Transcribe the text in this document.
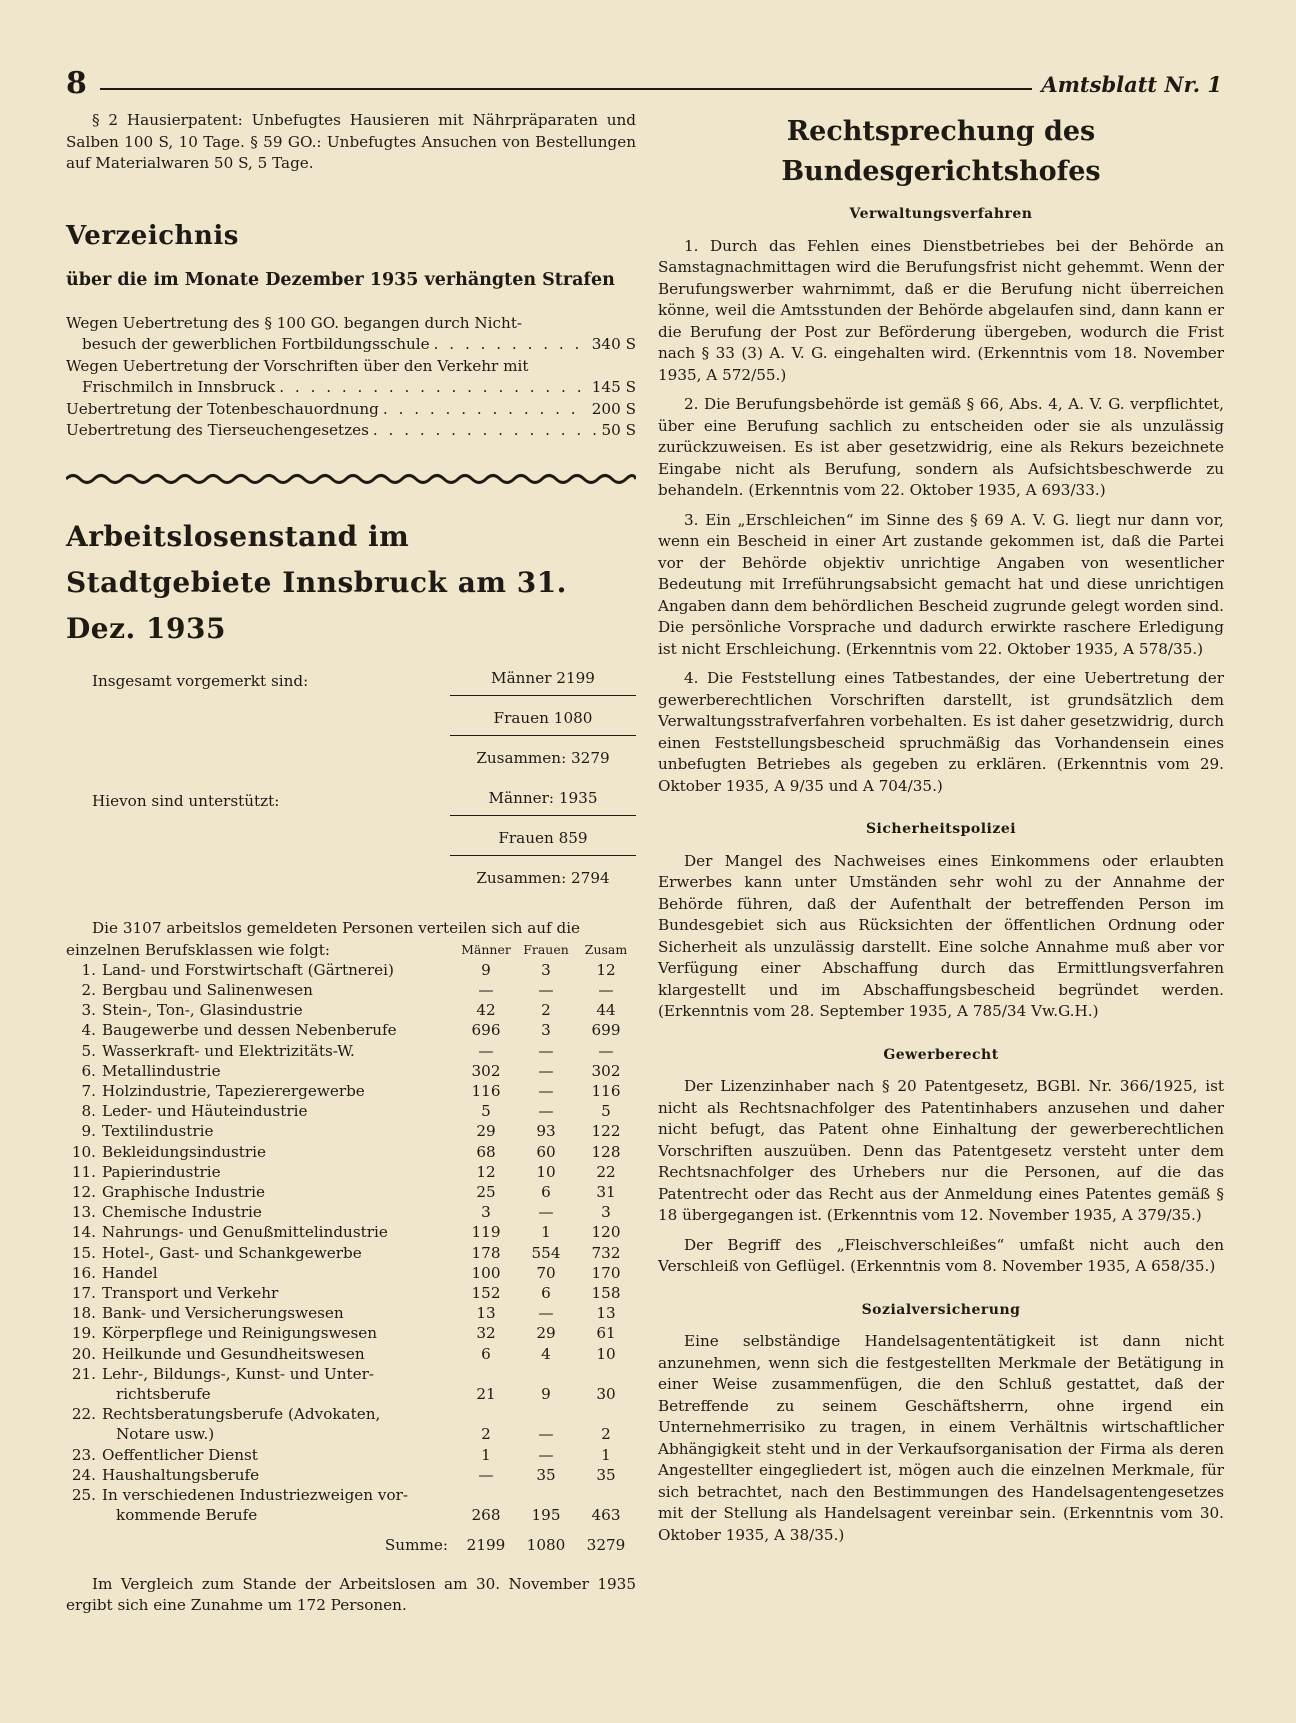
8	Amtsblatt Nr. 1

§ 2 Hausierpatent: Unbefugtes Hausieren mit Nährpräparaten und Salben 100 S, 10 Tage. § 59 GO.: Unbefugtes Ansuchen von Bestellungen auf Materialwaren 50 S, 5 Tage.

Verzeichnis
über die im Monate Dezember 1935 verhängten Strafen
Wegen Uebertretung des § 100 GO. begangen durch Nicht-
besuch der gewerblichen Fortbildungsschule . . .	340 S
Wegen Uebertretung der Vorschriften über den Verkehr mit
Frischmilch in Innsbruck . . .	145 S
Uebertretung der Totenbeschauordnung . . .	200 S
Uebertretung des Tierseuchengesetzes . . .	50 S
Arbeitslosenstand im
Stadtgebiete Innsbruck am 31. Dez. 1935
Insgesamt vorgemerkt sind:	Männer 2199
Frauen 1080
Zusammen: 3279
Hievon sind unterstützt:	Männer: 1935
Frauen 859
Zusammen: 2794

Die 3107 arbeitslos gemeldeten Personen verteilen sich auf die

einzelnen Berufsklassen wie folgt:		Männer	Frauen	Zusam
1.	Land- und Forstwirtschaft (Gärtnerei)	9	3	12
2.	Bergbau und Salinenwesen	—	—	—
3.	Stein-, Ton-, Glasindustrie	42	2	44
4.	Baugewerbe und dessen Nebenberufe	696	3	699
5.	Wasserkraft- und Elektrizitäts-W.	—	—	—
6.	Metallindustrie	302	—	302
7.	Holzindustrie, Tapezierergewerbe	116	—	116
8.	Leder- und Häuteindustrie	5	—	5
9.	Textilindustrie	29	93	122
10.	Bekleidungsindustrie	68	60	128
11.	Papierindustrie	12	10	22
12.	Graphische Industrie	25	6	31
13.	Chemische Industrie	3	—	3
14.	Nahrungs- und Genußmittelindustrie	119	1	120
15.	Hotel-, Gast- und Schankgewerbe	178	554	732
16.	Handel	100	70	170
17.	Transport und Verkehr	152	6	158
18.	Bank- und Versicherungswesen	13	—	13
19.	Körperpflege und Reinigungswesen	32	29	61
20.	Heilkunde und Gesundheitswesen	6	4	10
21.	Lehr-, Bildungs-, Kunst- und Unter-			
	richtsberufe	21	9	30
22.	Rechtsberatungsberufe (Advokaten,			
	Notare usw.)	2	—	2
23.	Oeffentlicher Dienst	1	—	1
24.	Haushaltungsberufe	—	35	35
25.	In verschiedenen Industriezweigen vor-			
	kommende Berufe	268	195	463
	Summe:	2199	1080	3279

Im Vergleich zum Stande der Arbeitslosen am 30. November 1935 ergibt sich eine Zunahme um 172 Personen.

Rechtsprechung des Bundesgerichtshofes
Verwaltungsverfahren

1. Durch das Fehlen eines Dienstbetriebes bei der Behörde an Samstagnachmittagen wird die Berufungsfrist nicht gehemmt. Wenn der Berufungswerber wahrnimmt, daß er die Berufung nicht überreichen könne, weil die Amtsstunden der Behörde abgelaufen sind, dann kann er die Berufung der Post zur Beförderung übergeben, wodurch die Frist nach § 33 (3) A. V. G. eingehalten wird. (Erkenntnis vom 18. November 1935, A 572/55.)

2. Die Berufungsbehörde ist gemäß § 66, Abs. 4, A. V. G. verpflichtet, über eine Berufung sachlich zu entscheiden oder sie als unzulässig zurückzuweisen. Es ist aber gesetzwidrig, eine als Rekurs bezeichnete Eingabe nicht als Berufung, sondern als Aufsichtsbeschwerde zu behandeln. (Erkenntnis vom 22. Oktober 1935, A 693/33.)

3. Ein „Erschleichen“ im Sinne des § 69 A. V. G. liegt nur dann vor, wenn ein Bescheid in einer Art zustande gekommen ist, daß die Partei vor der Behörde objektiv unrichtige Angaben von wesentlicher Bedeutung mit Irreführungsabsicht gemacht hat und diese unrichtigen Angaben dann dem behördlichen Bescheid zugrunde gelegt worden sind. Die persönliche Vorsprache und dadurch erwirkte raschere Erledigung ist nicht Erschleichung. (Erkenntnis vom 22. Oktober 1935, A 578/35.)

4. Die Feststellung eines Tatbestandes, der eine Uebertretung der gewerberechtlichen Vorschriften darstellt, ist grundsätzlich dem Verwaltungsstrafverfahren vorbehalten. Es ist daher gesetzwidrig, durch einen Feststellungsbescheid spruchmäßig das Vorhandensein eines unbefugten Betriebes als gegeben zu erklären. (Erkenntnis vom 29. Oktober 1935, A 9/35 und A 704/35.)

Sicherheitspolizei

Der Mangel des Nachweises eines Einkommens oder erlaubten Erwerbes kann unter Umständen sehr wohl zu der Annahme der Behörde führen, daß der Aufenthalt der betreffenden Person im Bundesgebiet sich aus Rücksichten der öffentlichen Ordnung oder Sicherheit als unzulässig darstellt. Eine solche Annahme muß aber vor Verfügung einer Abschaffung durch das Ermittlungsverfahren klargestellt und im Abschaffungsbescheid begründet werden. (Erkenntnis vom 28. September 1935, A 785/34 Vw.G.H.)

Gewerberecht

Der Lizenzinhaber nach § 20 Patentgesetz, BGBl. Nr. 366/1925, ist nicht als Rechtsnachfolger des Patentinhabers anzusehen und daher nicht befugt, das Patent ohne Einhaltung der gewerberechtlichen Vorschriften auszuüben. Denn das Patentgesetz versteht unter dem Rechtsnachfolger des Urhebers nur die Personen, auf die das Patentrecht oder das Recht aus der Anmeldung eines Patentes gemäß § 18 übergegangen ist. (Erkenntnis vom 12. November 1935, A 379/35.)

Der Begriff des „Fleischverschleißes“ umfaßt nicht auch den Verschleiß von Geflügel. (Erkenntnis vom 8. November 1935, A 658/35.)

Sozialversicherung

Eine selbständige Handelsagententätigkeit ist dann nicht anzunehmen, wenn sich die festgestellten Merkmale der Betätigung in einer Weise zusammenfügen, die den Schluß gestattet, daß der Betreffende zu seinem Geschäftsherrn, ohne irgend ein Unternehmerrisiko zu tragen, in einem Verhältnis wirtschaftlicher Abhängigkeit steht und in der Verkaufsorganisation der Firma als deren Angestellter eingegliedert ist, mögen auch die einzelnen Merkmale, für sich betrachtet, nach den Bestimmungen des Handelsagentengesetzes mit der Stellung als Handelsagent vereinbar sein. (Erkenntnis vom 30. Oktober 1935, A 38/35.)
